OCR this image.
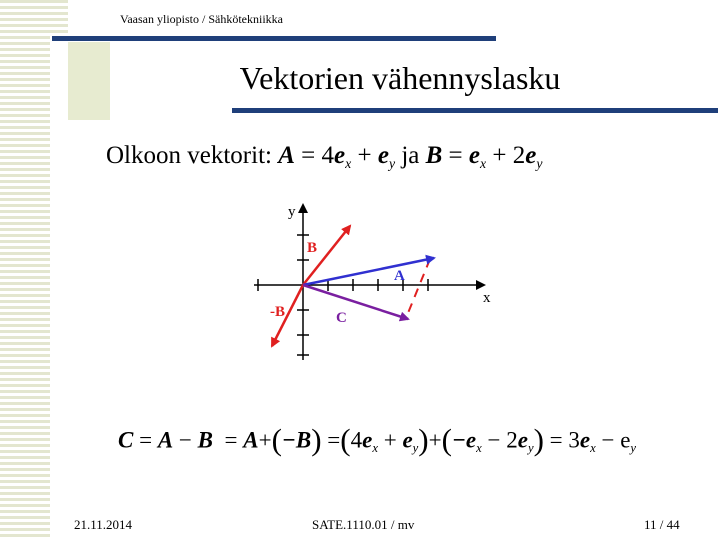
Vaasan yliopisto / Sähkötekniikka
Vektorien vähennyslasku
Olkoon vektorit: $A = 4e_x + e_y$ ja $B = e_x + 2e_y$
y
x
B
A
-B	C
$C = A - B = A+(-B) =(4e_x + e_y)+(-e_x - 2e_y) = 3e_x - e_y$
21.11.2014	SATE.1110.01 / mv	11 / 44
